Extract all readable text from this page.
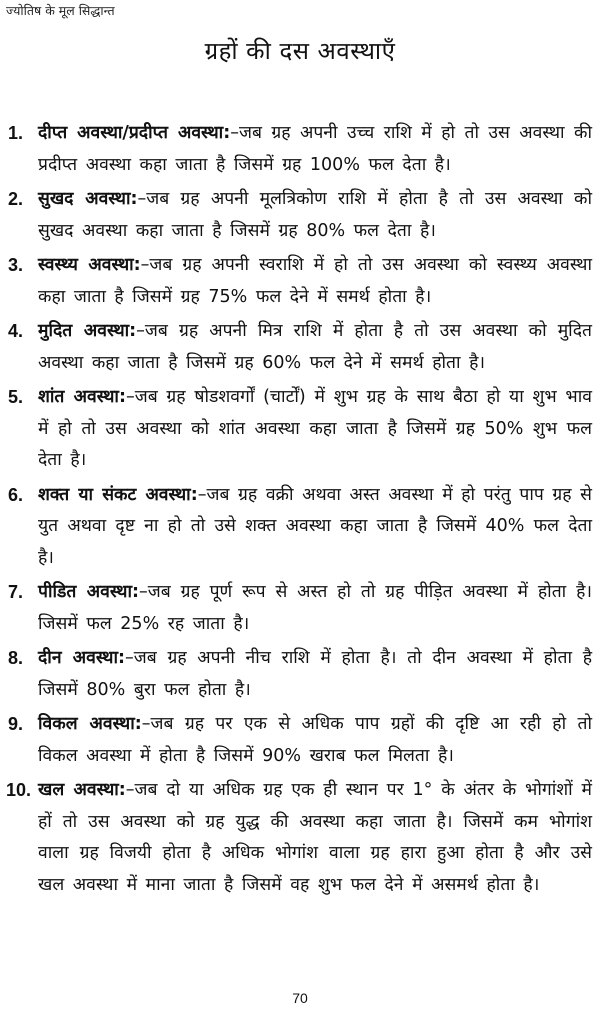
ज्योतिष के मूल सिद्धान्त
ग्रहों की दस अवस्थाएँ
1. दीप्त अवस्था/प्रदीप्त अवस्था:–जब ग्रह अपनी उच्च राशि में हो तो उस अवस्था की प्रदीप्त अवस्था कहा जाता है जिसमें ग्रह 100% फल देता है।
2. सुखद अवस्था:–जब ग्रह अपनी मूलत्रिकोण राशि में होता है तो उस अवस्था को सुखद अवस्था कहा जाता है जिसमें ग्रह 80% फल देता है।
3. स्वस्थ्य अवस्था:–जब ग्रह अपनी स्वराशि में हो तो उस अवस्था को स्वस्थ्य अवस्था कहा जाता है जिसमें ग्रह 75% फल देने में समर्थ होता है।
4. मुदित अवस्था:–जब ग्रह अपनी मित्र राशि में होता है तो उस अवस्था को मुदित अवस्था कहा जाता है जिसमें ग्रह 60% फल देने में समर्थ होता है।
5. शांत अवस्था:–जब ग्रह षोडशवर्गों (चार्टों) में शुभ ग्रह के साथ बैठा हो या शुभ भाव में हो तो उस अवस्था को शांत अवस्था कहा जाता है जिसमें ग्रह 50% शुभ फल देता है।
6. शक्त या संकट अवस्था:–जब ग्रह वक्री अथवा अस्त अवस्था में हो परंतु पाप ग्रह से युत अथवा दृष्ट ना हो तो उसे शक्त अवस्था कहा जाता है जिसमें 40% फल देता है।
7. पीडित अवस्था:–जब ग्रह पूर्ण रूप से अस्त हो तो ग्रह पीड़ित अवस्था में होता है। जिसमें फल 25% रह जाता है।
8. दीन अवस्था:–जब ग्रह अपनी नीच राशि में होता है। तो दीन अवस्था में होता है जिसमें 80% बुरा फल होता है।
9. विकल अवस्था:–जब ग्रह पर एक से अधिक पाप ग्रहों की दृष्टि आ रही हो तो विकल अवस्था में होता है जिसमें 90% खराब फल मिलता है।
10. खल अवस्था:–जब दो या अधिक ग्रह एक ही स्थान पर 1° के अंतर के भोगांशों में हों तो उस अवस्था को ग्रह युद्ध की अवस्था कहा जाता है। जिसमें कम भोगांश वाला ग्रह विजयी होता है अधिक भोगांश वाला ग्रह हारा हुआ होता है और उसे खल अवस्था में माना जाता है जिसमें वह शुभ फल देने में असमर्थ होता है।
70
